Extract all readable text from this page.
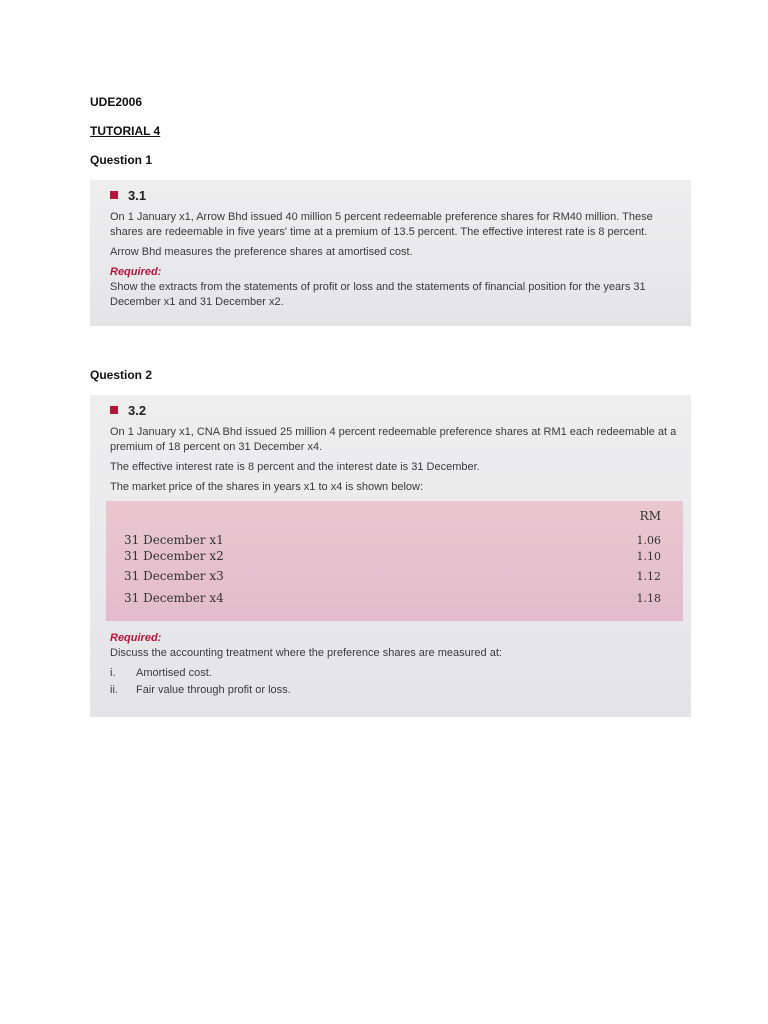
UDE2006
TUTORIAL 4
Question 1
3.1

On 1 January x1, Arrow Bhd issued 40 million 5 percent redeemable preference shares for RM40 million. These shares are redeemable in five years' time at a premium of 13.5 percent. The effective interest rate is 8 percent.

Arrow Bhd measures the preference shares at amortised cost.

Required:

Show the extracts from the statements of profit or loss and the statements of financial position for the years 31 December x1 and 31 December x2.

Question 2
3.2

On 1 January x1, CNA Bhd issued 25 million 4 percent redeemable preference shares at RM1 each redeemable at a premium of 18 percent on 31 December x4.

The effective interest rate is 8 percent and the interest date is 31 December.

The market price of the shares in years x1 to x4 is shown below:

RM
31 December x1	1.06
31 December x2	1.10
31 December x3	1.12
31 December x4	1.18
Required:

Discuss the accounting treatment where the preference shares are measured at:

i.	Amortised cost.
ii.	Fair value through profit or loss.
